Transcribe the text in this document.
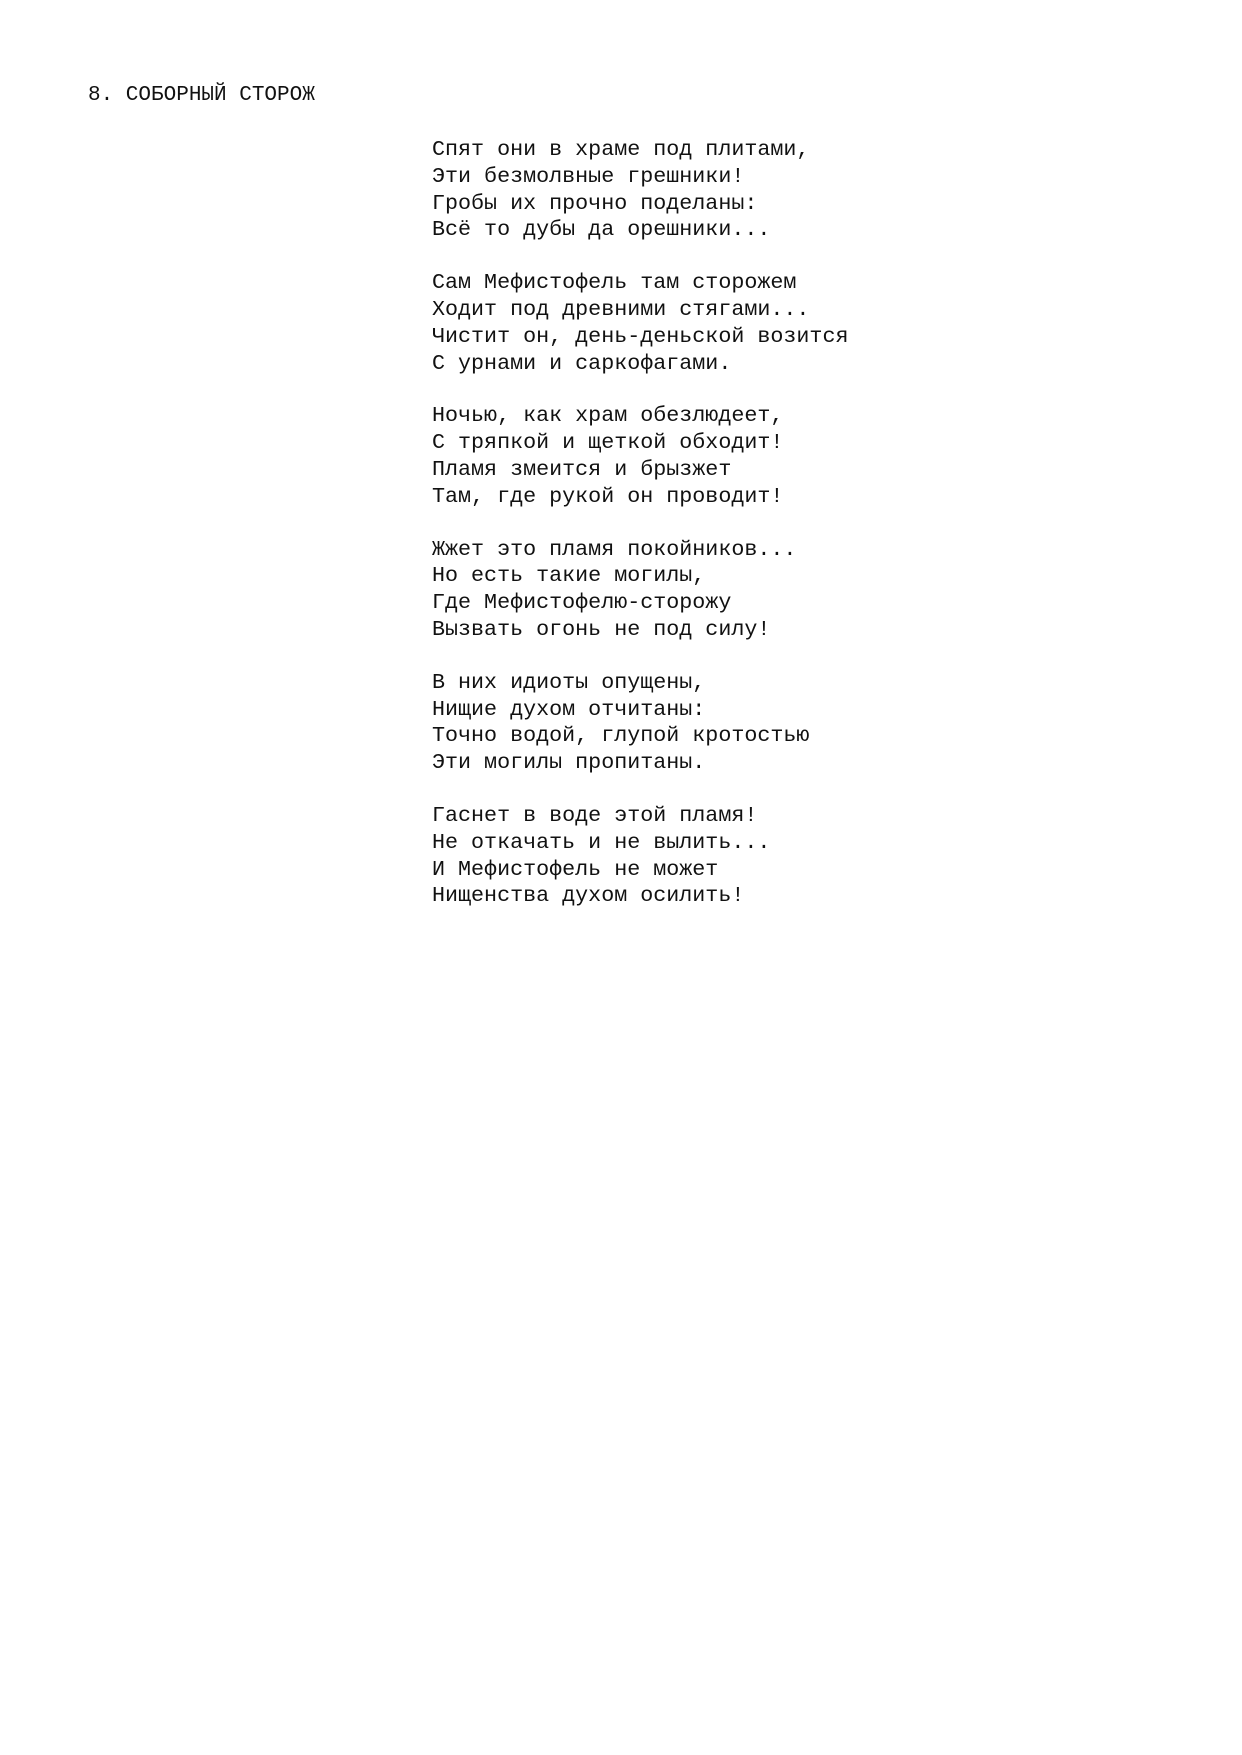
8. СОБОРНЫЙ СТОРОЖ
Спят они в храме под плитами,
Эти безмолвные грешники!
Гробы их прочно поделаны:
Всё то дубы да орешники...
Сам Мефистофель там сторожем
Ходит под древними стягами...
Чистит он, день-деньской возится
С урнами и саркофагами.
Ночью, как храм обезлюдеет,
С тряпкой и щеткой обходит!
Пламя змеится и брызжет
Там, где рукой он проводит!
Жжет это пламя покойников...
Но есть такие могилы,
Где Мефистофелю-сторожу
Вызвать огонь не под силу!
В них идиоты опущены,
Нищие духом отчитаны:
Точно водой, глупой кротостью
Эти могилы пропитаны.
Гаснет в воде этой пламя!
Не откачать и не вылить...
И Мефистофель не может
Нищенства духом осилить!
